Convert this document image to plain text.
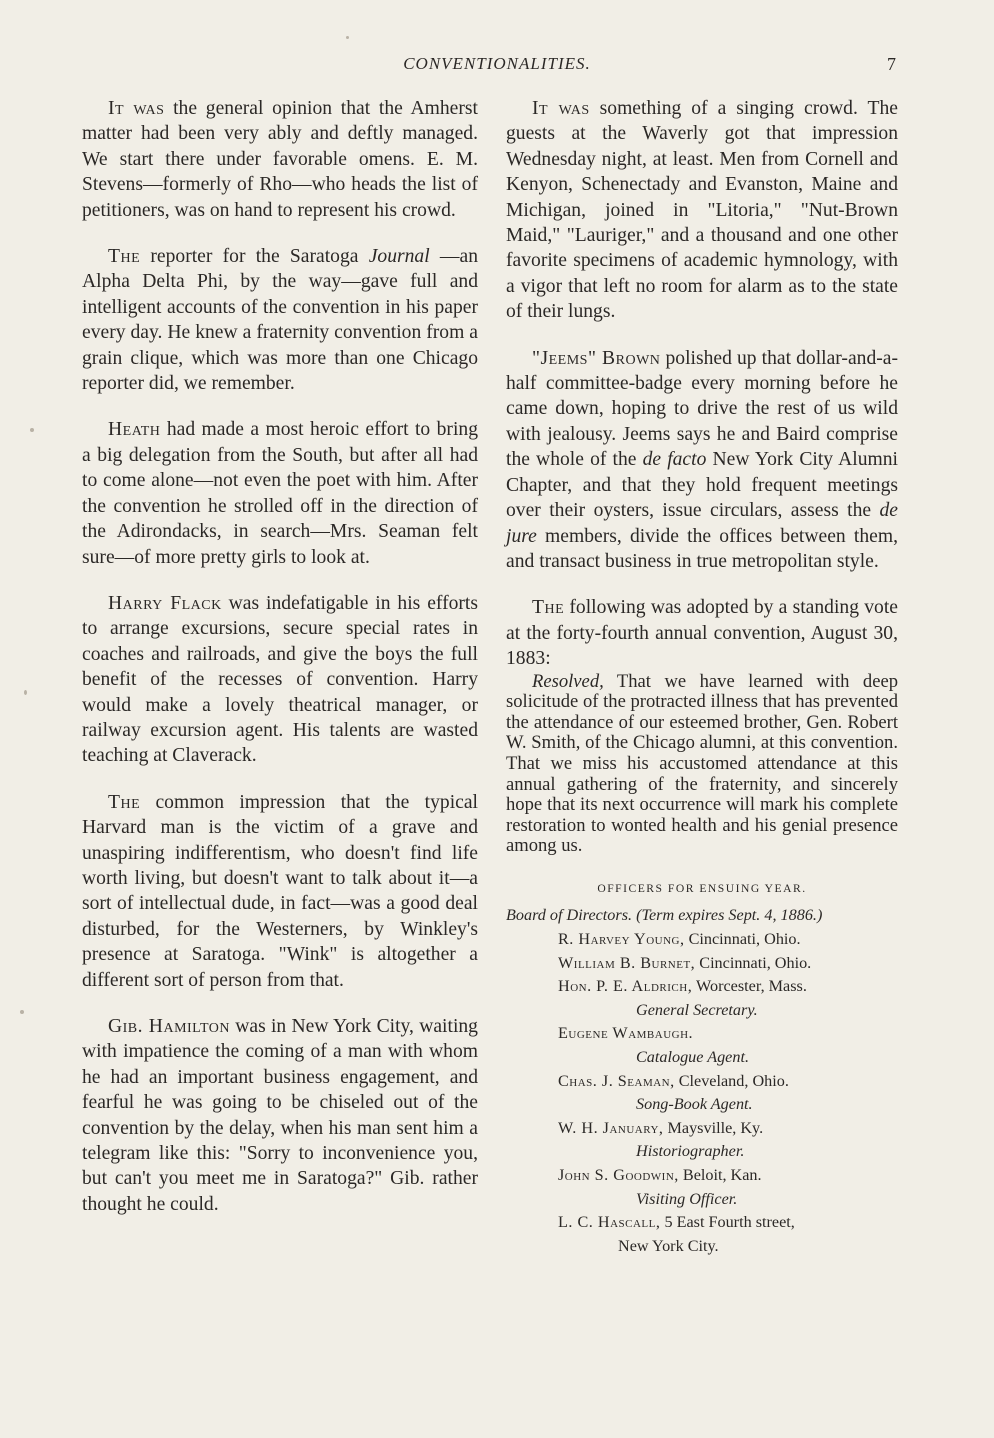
CONVENTIONALITIES.	7

It was the general opinion that the Amherst matter had been very ably and deftly managed. We start there under favorable omens. E. M. Stevens—formerly of Rho—who heads the list of petitioners, was on hand to represent his crowd.

The reporter for the Saratoga Journal —an Alpha Delta Phi, by the way—gave full and intelligent accounts of the convention in his paper every day. He knew a fraternity convention from a grain clique, which was more than one Chicago reporter did, we remember.

Heath had made a most heroic effort to bring a big delegation from the South, but after all had to come alone—not even the poet with him. After the convention he strolled off in the direction of the Adirondacks, in search—Mrs. Seaman felt sure—of more pretty girls to look at.

Harry Flack was indefatigable in his efforts to arrange excursions, secure special rates in coaches and railroads, and give the boys the full benefit of the recesses of convention. Harry would make a lovely theatrical manager, or railway excursion agent. His talents are wasted teaching at Claverack.

The common impression that the typical Harvard man is the victim of a grave and unaspiring indifferentism, who doesn't find life worth living, but doesn't want to talk about it—a sort of intellectual dude, in fact—was a good deal disturbed, for the Westerners, by Winkley's presence at Saratoga. "Wink" is altogether a different sort of person from that.

Gib. Hamilton was in New York City, waiting with impatience the coming of a man with whom he had an important business engagement, and fearful he was going to be chiseled out of the convention by the delay, when his man sent him a telegram like this: "Sorry to inconvenience you, but can't you meet me in Saratoga?" Gib. rather thought he could.

It was something of a singing crowd. The guests at the Waverly got that impression Wednesday night, at least. Men from Cornell and Kenyon, Schenectady and Evanston, Maine and Michigan, joined in "Litoria," "Nut-Brown Maid," "Lauriger," and a thousand and one other favorite specimens of academic hymnology, with a vigor that left no room for alarm as to the state of their lungs.

"Jeems" Brown polished up that dollar-and-a-half committee-badge every morning before he came down, hoping to drive the rest of us wild with jealousy. Jeems says he and Baird comprise the whole of the de facto New York City Alumni Chapter, and that they hold frequent meetings over their oysters, issue circulars, assess the de jure members, divide the offices between them, and transact business in true metropolitan style.

The following was adopted by a standing vote at the forty-fourth annual convention, August 30, 1883:

Resolved, That we have learned with deep solicitude of the protracted illness that has prevented the attendance of our esteemed brother, Gen. Robert W. Smith, of the Chicago alumni, at this convention. That we miss his accustomed attendance at this annual gathering of the fraternity, and sincerely hope that its next occurrence will mark his complete restoration to wonted health and his genial presence among us.

OFFICERS FOR ENSUING YEAR.

Board of Directors. (Term expires Sept. 4, 1886.)

R. Harvey Young, Cincinnati, Ohio.

William B. Burnet, Cincinnati, Ohio.

Hon. P. E. Aldrich, Worcester, Mass.

General Secretary.

Eugene Wambaugh.

Catalogue Agent.

Chas. J. Seaman, Cleveland, Ohio.

Song-Book Agent.

W. H. January, Maysville, Ky.

Historiographer.

John S. Goodwin, Beloit, Kan.

Visiting Officer.

L. C. Hascall, 5 East Fourth street,

New York City.
